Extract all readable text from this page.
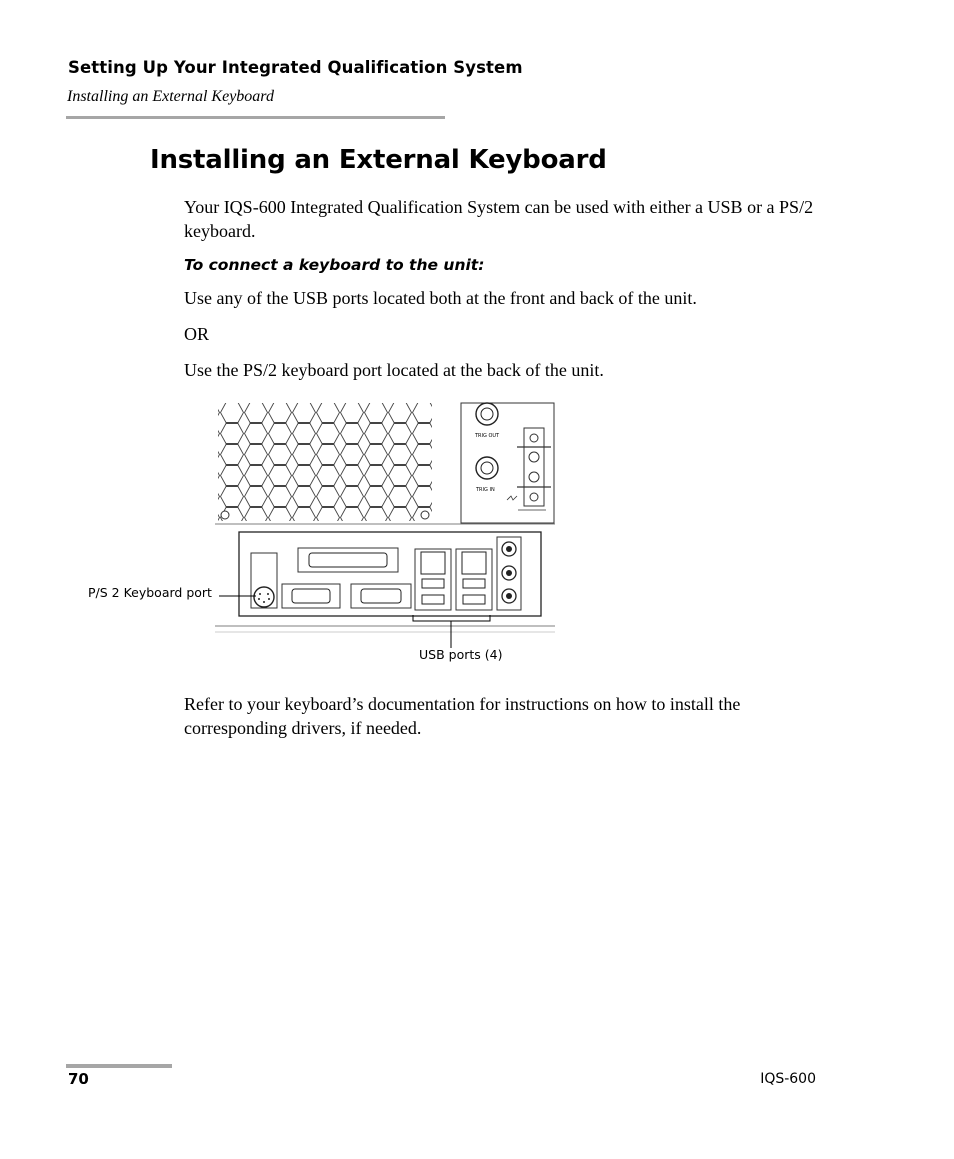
Setting Up Your Integrated Qualification System
Installing an External Keyboard
Installing an External Keyboard
Your IQS-600 Integrated Qualification System can be used with either a USB or a PS/2 keyboard.
To connect a keyboard to the unit:
Use any of the USB ports located both at the front and back of the unit.
OR
Use the PS/2 keyboard port located at the back of the unit.
TRIG OUT
TRIG IN
P/S 2 Keyboard port
USB ports (4)
Refer to your keyboard’s documentation for instructions on how to install the corresponding drivers, if needed.
70	IQS-600
